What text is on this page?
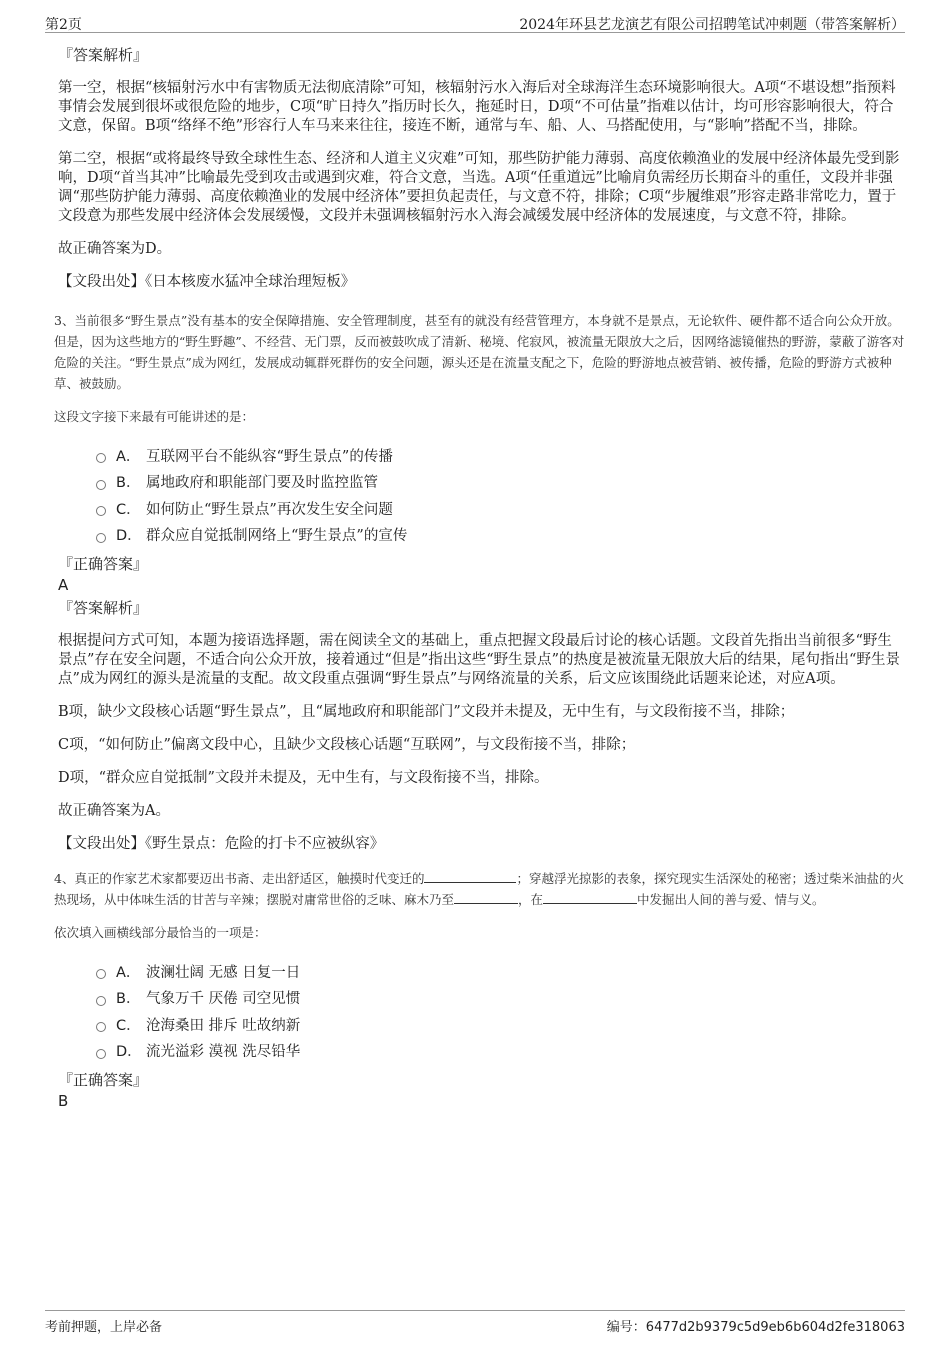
第2页	2024年环县艺龙演艺有限公司招聘笔试冲刺题（带答案解析）
『答案解析』

第一空，根据“核辐射污水中有害物质无法彻底清除”可知，核辐射污水入海后对全球海洋生态环境影响很大。A项“不堪设想”指预料事情会发展到很坏或很危险的地步，C项“旷日持久”指历时长久，拖延时日，D项“不可估量”指难以估计，均可形容影响很大，符合文意，保留。B项“络绎不绝”形容行人车马来来往往，接连不断，通常与车、船、人、马搭配使用，与“影响”搭配不当，排除。

第二空，根据“或将最终导致全球性生态、经济和人道主义灾难”可知，那些防护能力薄弱、高度依赖渔业的发展中经济体最先受到影响，D项“首当其冲”比喻最先受到攻击或遇到灾难，符合文意，当选。A项“任重道远”比喻肩负需经历长期奋斗的重任，文段并非强调“那些防护能力薄弱、高度依赖渔业的发展中经济体”要担负起责任，与文意不符，排除；C项“步履维艰”形容走路非常吃力，置于文段意为那些发展中经济体会发展缓慢，文段并未强调核辐射污水入海会减缓发展中经济体的发展速度，与文意不符，排除。

故正确答案为D。

【文段出处】《日本核废水猛冲全球治理短板》

3、当前很多“野生景点”没有基本的安全保障措施、安全管理制度，甚至有的就没有经营管理方，本身就不是景点，无论软件、硬件都不适合向公众开放。但是，因为这些地方的“野生野趣”、不经营、无门票，反而被鼓吹成了清新、秘境、侘寂风，被流量无限放大之后，因网络滤镜催热的野游，蒙蔽了游客对危险的关注。“野生景点”成为网红，发展成动辄群死群伤的安全问题，源头还是在流量支配之下，危险的野游地点被营销、被传播，危险的野游方式被种草、被鼓励。

这段文字接下来最有可能讲述的是：

A． 互联网平台不能纵容“野生景点”的传播
B． 属地政府和职能部门要及时监控监管
C． 如何防止“野生景点”再次发生安全问题
D． 群众应自觉抵制网络上“野生景点”的宣传
『正确答案』
A
『答案解析』

根据提问方式可知，本题为接语选择题，需在阅读全文的基础上，重点把握文段最后讨论的核心话题。文段首先指出当前很多“野生景点”存在安全问题，不适合向公众开放，接着通过“但是”指出这些“野生景点”的热度是被流量无限放大后的结果，尾句指出“野生景点”成为网红的源头是流量的支配。故文段重点强调“野生景点”与网络流量的关系，后文应该围绕此话题来论述，对应A项。

B项，缺少文段核心话题“野生景点”，且“属地政府和职能部门”文段并未提及，无中生有，与文段衔接不当，排除；

C项，“如何防止”偏离文段中心，且缺少文段核心话题“互联网”，与文段衔接不当，排除；

D项，“群众应自觉抵制”文段并未提及，无中生有，与文段衔接不当，排除。

故正确答案为A。

【文段出处】《野生景点：危险的打卡不应被纵容》

4、真正的作家艺术家都要迈出书斋、走出舒适区，触摸时代变迁的	；穿越浮光掠影的表象，探究现实生活深处的秘密；透过柴米油盐的火热现场，从中体味生活的甘苦与辛辣；摆脱对庸常世俗的乏味、麻木乃至	，在	中发掘出人间的善与爱、情与义。

依次填入画横线部分最恰当的一项是：

A． 波澜壮阔 无感 日复一日
B． 气象万千 厌倦 司空见惯
C． 沧海桑田 排斥 吐故纳新
D． 流光溢彩 漠视 洗尽铅华
『正确答案』
B
考前押题，上岸必备	编号：6477d2b9379c5d9eb6b604d2fe318063
